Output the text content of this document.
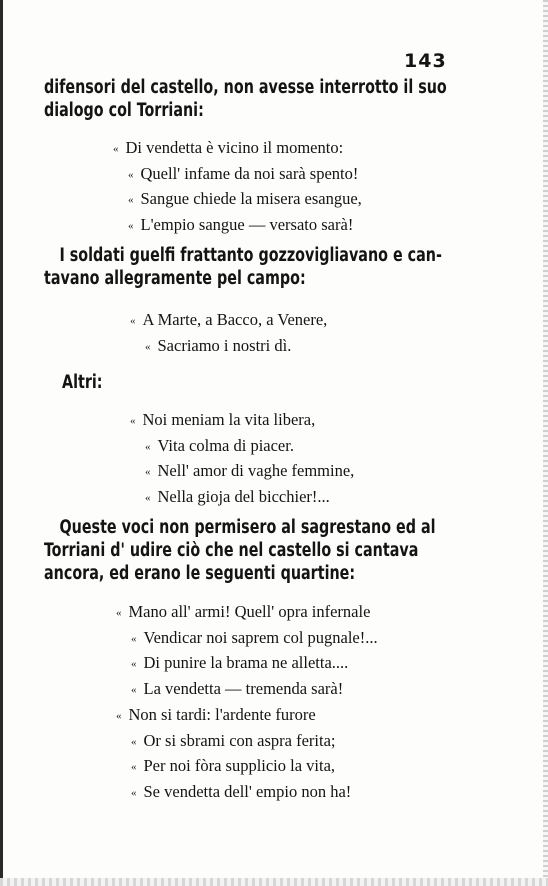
143
difensori del castello, non avesse interrotto il suo
dialogo col Torriani:
« Di vendetta è vicino il momento:
« Quell' infame da noi sarà spento!
« Sangue chiede la misera esangue,
« L'empio sangue — versato sarà!
I soldati guelfi frattanto gozzovigliavano e can-
tavano allegramente pel campo:
« A Marte, a Bacco, a Venere,
« Sacriamo i nostri dì.
Altri:
« Noi meniam la vita libera,
« Vita colma di piacer.
« Nell' amor di vaghe femmine,
« Nella gioja del bicchier!...
Queste voci non permisero al sagrestano ed al
Torriani d' udire ciò che nel castello si cantava
ancora, ed erano le seguenti quartine:
« Mano all' armi! Quell' opra infernale
« Vendicar noi saprem col pugnale!...
« Di punire la brama ne alletta....
« La vendetta — tremenda sarà!
« Non si tardi: l'ardente furore
« Or si sbrami con aspra ferita;
« Per noi fòra supplicio la vita,
« Se vendetta dell' empio non ha!
